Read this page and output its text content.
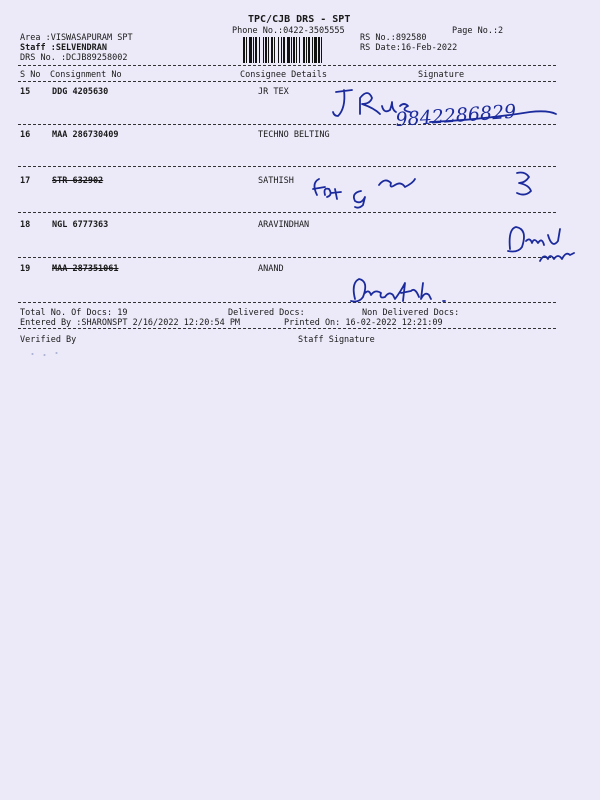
TPC/CJB DRS - SPT
Phone No.:0422-3505555	Page No.:2
Area :VISWASAPURAM SPT
Staff :SELVENDRAN
DRS No. :DCJB89258002
RS No.:892580
RS Date:16-Feb-2022
S No Consignment No	Consignee Details	Signature
15	DDG 4205630	JR TEX
16	MAA 286730409	TECHNO BELTING
17	STR 632902	SATHISH
18	NGL 6777363	ARAVINDHAN
19	MAA 287351061	ANAND
Total No. Of Docs: 19	Delivered Docs:	Non Delivered Docs:
Entered By :SHARONSPT 2/16/2022 12:20:54 PM	Printed On: 16-02-2022 12:21:09
Verified By	Staff Signature
9842286829
